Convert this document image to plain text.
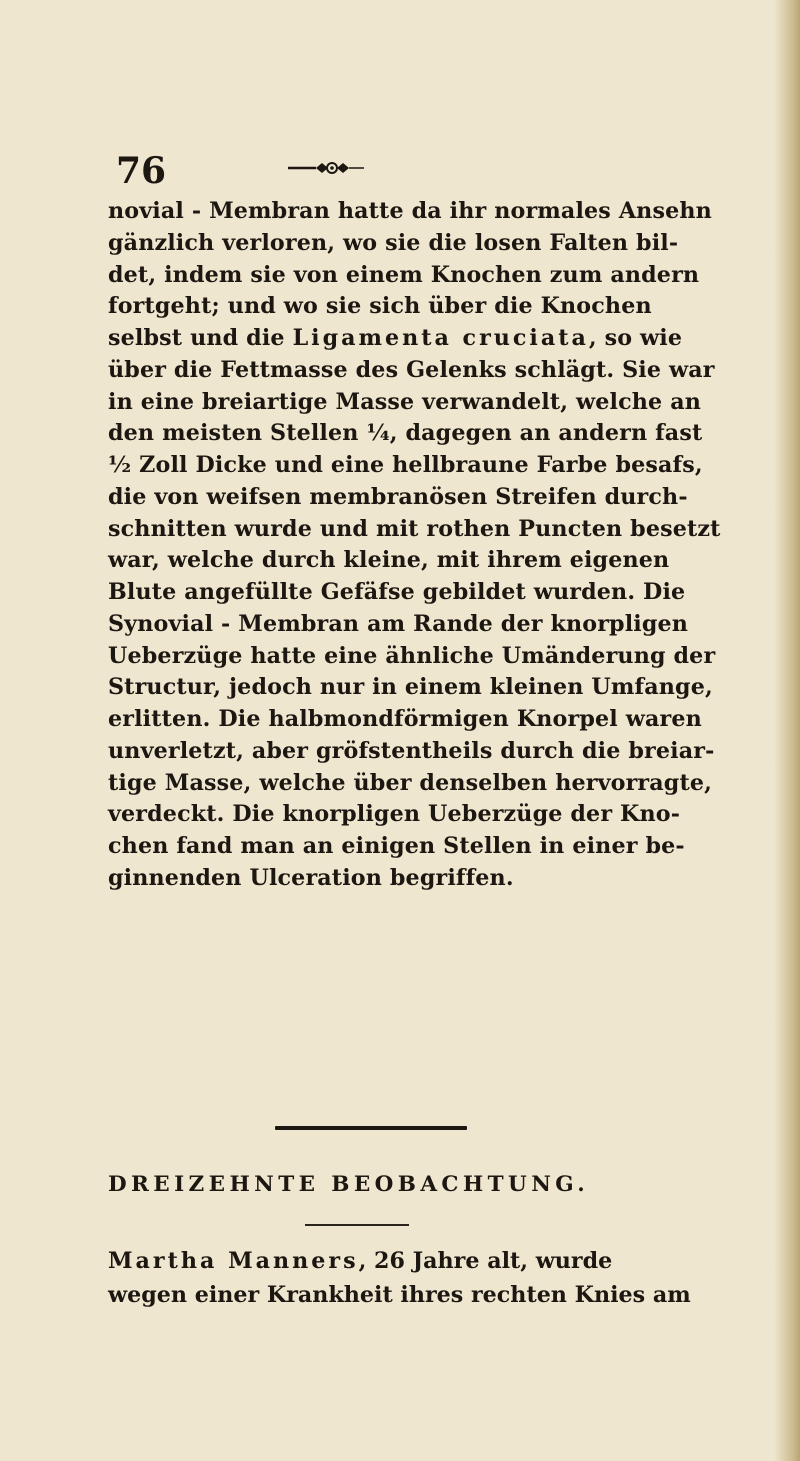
76
novial - Membran hatte da ihr normales Ansehn
gänzlich verloren, wo sie die losen Falten bil-
det, indem sie von einem Knochen zum andern
fortgeht; und wo sie sich über die Knochen
selbst und die Ligamenta cruciata, so wie
über die Fettmasse des Gelenks schlägt. Sie war
in eine breiartige Masse verwandelt, welche an
den meisten Stellen ¼, dagegen an andern fast
½ Zoll Dicke und eine hellbraune Farbe besafs,
die von weifsen membranösen Streifen durch-
schnitten wurde und mit rothen Puncten besetzt
war, welche durch kleine, mit ihrem eigenen
Blute angefüllte Gefäfse gebildet wurden. Die
Synovial - Membran am Rande der knorpligen
Ueberzüge hatte eine ähnliche Umänderung der
Structur, jedoch nur in einem kleinen Umfange,
erlitten. Die halbmondförmigen Knorpel waren
unverletzt, aber gröfstentheils durch die breiar-
tige Masse, welche über denselben hervorragte,
verdeckt. Die knorpligen Ueberzüge der Kno-
chen fand man an einigen Stellen in einer be-
ginnenden Ulceration begriffen.
DREIZEHNTE BEOBACHTUNG.
Martha Manners, 26 Jahre alt, wurde
wegen einer Krankheit ihres rechten Knies am
